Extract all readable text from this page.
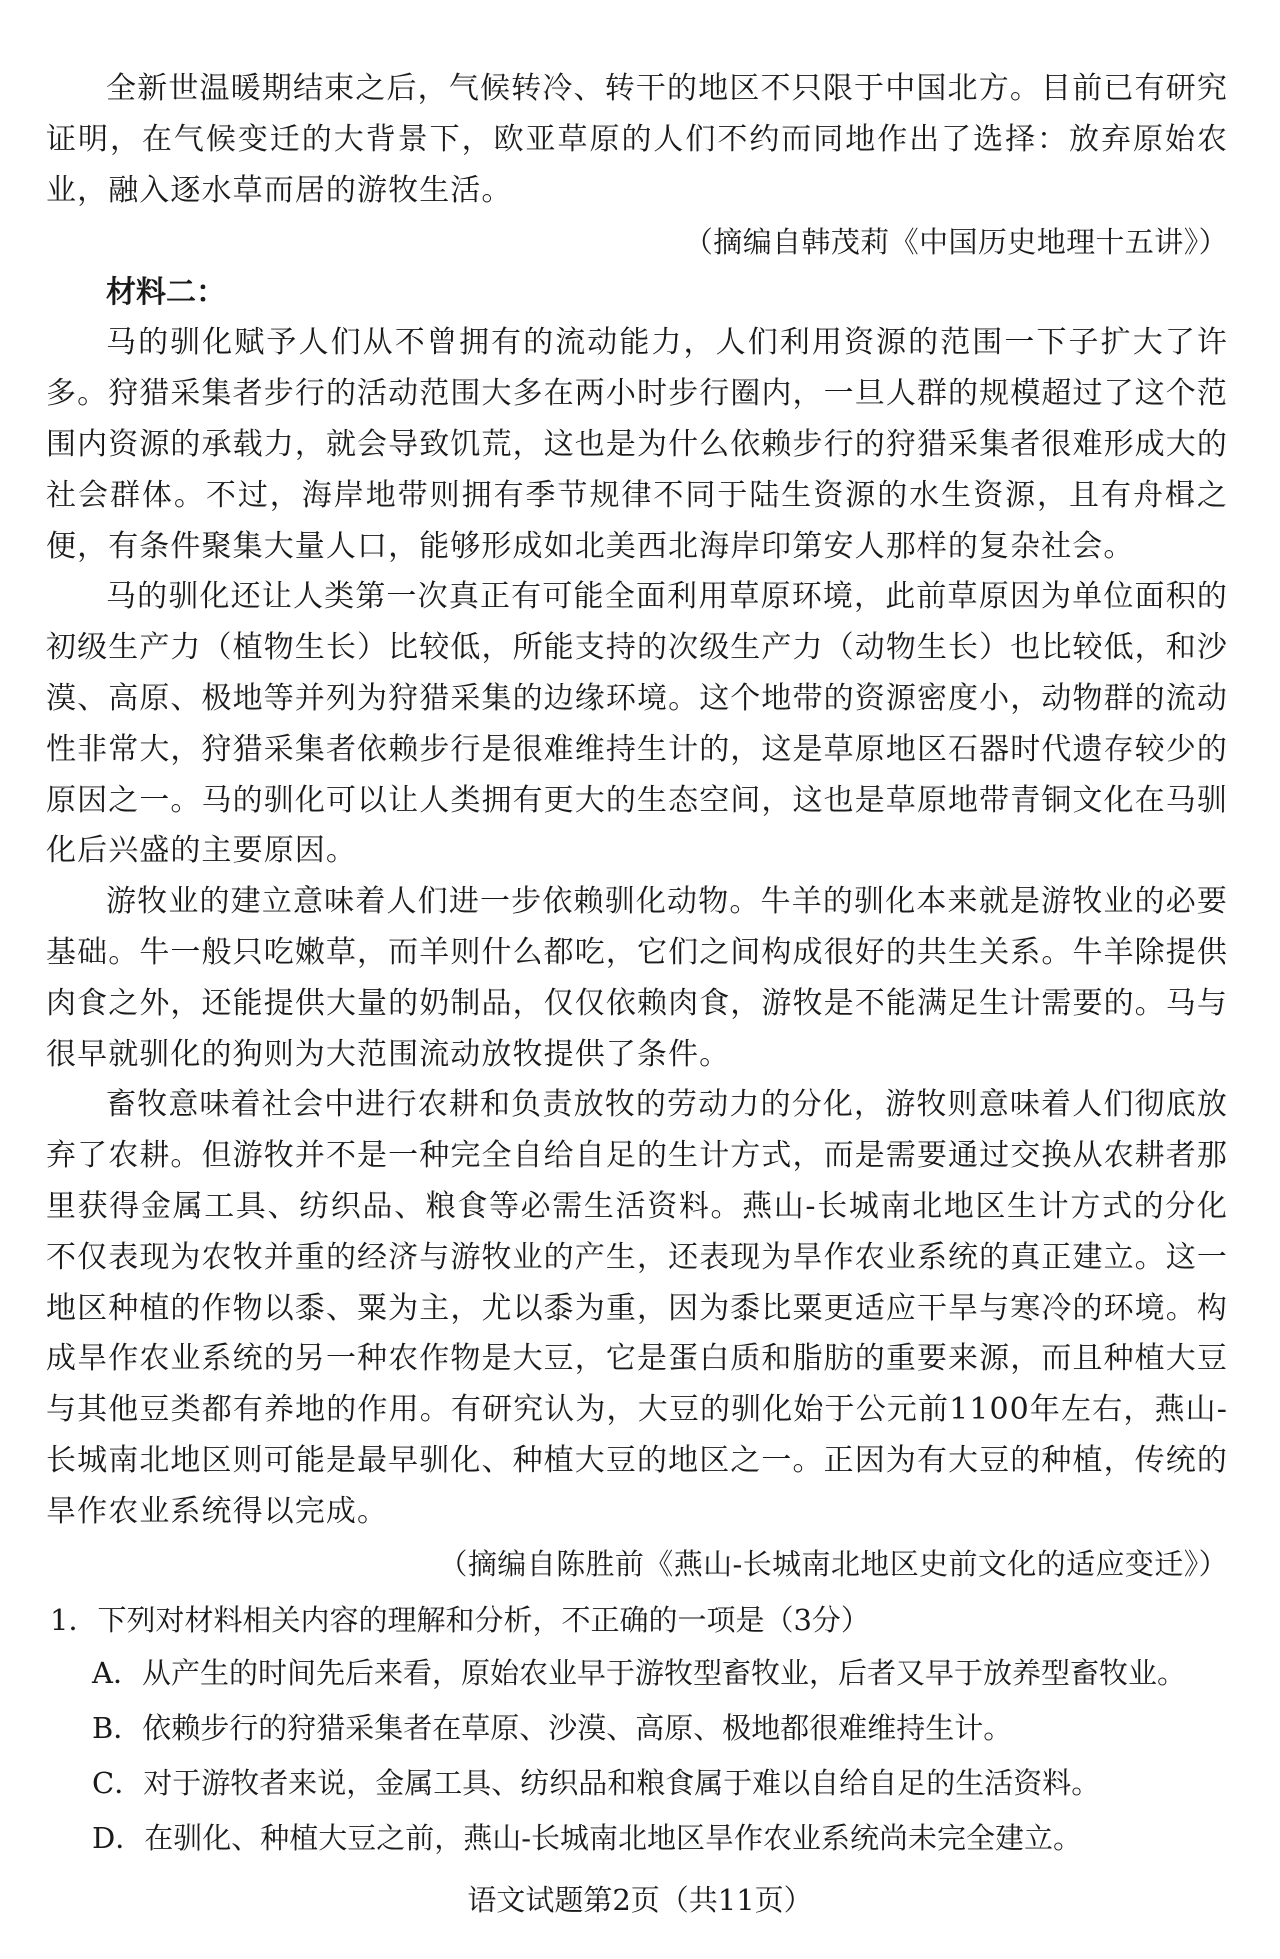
全新世温暖期结束之后，气候转冷、转干的地区不只限于中国北方。目前已有研究证明，在气候变迁的大背景下，欧亚草原的人们不约而同地作出了选择：放弃原始农业，融入逐水草而居的游牧生活。

（摘编自韩茂莉《中国历史地理十五讲》）

材料二：

马的驯化赋予人们从不曾拥有的流动能力，人们利用资源的范围一下子扩大了许多。狩猎采集者步行的活动范围大多在两小时步行圈内，一旦人群的规模超过了这个范围内资源的承载力，就会导致饥荒，这也是为什么依赖步行的狩猎采集者很难形成大的社会群体。不过，海岸地带则拥有季节规律不同于陆生资源的水生资源，且有舟楫之便，有条件聚集大量人口，能够形成如北美西北海岸印第安人那样的复杂社会。

马的驯化还让人类第一次真正有可能全面利用草原环境，此前草原因为单位面积的初级生产力（植物生长）比较低，所能支持的次级生产力（动物生长）也比较低，和沙漠、高原、极地等并列为狩猎采集的边缘环境。这个地带的资源密度小，动物群的流动性非常大，狩猎采集者依赖步行是很难维持生计的，这是草原地区石器时代遗存较少的原因之一。马的驯化可以让人类拥有更大的生态空间，这也是草原地带青铜文化在马驯化后兴盛的主要原因。

游牧业的建立意味着人们进一步依赖驯化动物。牛羊的驯化本来就是游牧业的必要基础。牛一般只吃嫩草，而羊则什么都吃，它们之间构成很好的共生关系。牛羊除提供肉食之外，还能提供大量的奶制品，仅仅依赖肉食，游牧是不能满足生计需要的。马与很早就驯化的狗则为大范围流动放牧提供了条件。

畜牧意味着社会中进行农耕和负责放牧的劳动力的分化，游牧则意味着人们彻底放弃了农耕。但游牧并不是一种完全自给自足的生计方式，而是需要通过交换从农耕者那里获得金属工具、纺织品、粮食等必需生活资料。燕山-长城南北地区生计方式的分化不仅表现为农牧并重的经济与游牧业的产生，还表现为旱作农业系统的真正建立。这一地区种植的作物以黍、粟为主，尤以黍为重，因为黍比粟更适应干旱与寒冷的环境。构成旱作农业系统的另一种农作物是大豆，它是蛋白质和脂肪的重要来源，而且种植大豆与其他豆类都有养地的作用。有研究认为，大豆的驯化始于公元前1100年左右，燕山-长城南北地区则可能是最早驯化、种植大豆的地区之一。正因为有大豆的种植，传统的旱作农业系统得以完成。

（摘编自陈胜前《燕山-长城南北地区史前文化的适应变迁》）

1．下列对材料相关内容的理解和分析，不正确的一项是（3分）

A．从产生的时间先后来看，原始农业早于游牧型畜牧业，后者又早于放养型畜牧业。

B．依赖步行的狩猎采集者在草原、沙漠、高原、极地都很难维持生计。

C．对于游牧者来说，金属工具、纺织品和粮食属于难以自给自足的生活资料。

D．在驯化、种植大豆之前，燕山-长城南北地区旱作农业系统尚未完全建立。

语文试题第2页（共11页）
